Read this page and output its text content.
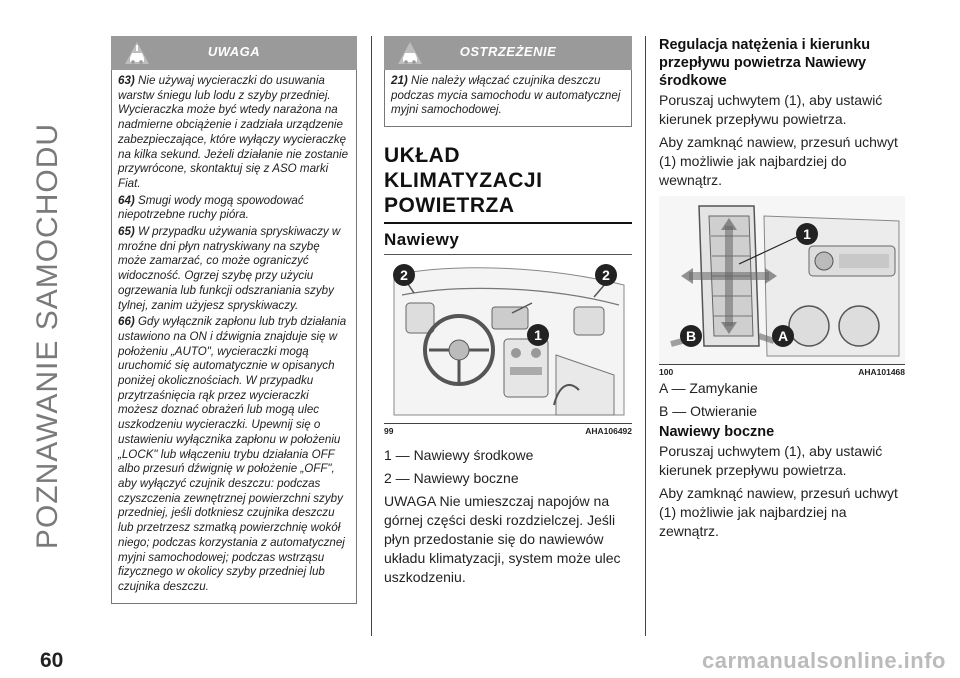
POZNAWANIE SAMOCHODU
60	carmanualsonline.info
UWAGA

63) Nie używaj wycieraczki do usuwania warstw śniegu lub lodu z szyby przedniej. Wycieraczka może być wtedy narażona na nadmierne obciążenie i zadziała urządzenie zabezpieczające, które wyłączy wycieraczkę na kilka sekund. Jeżeli działanie nie zostanie przywrócone, skontaktuj się z ASO marki Fiat.

64) Smugi wody mogą spowodować niepotrzebne ruchy pióra.

65) W przypadku używania spryskiwaczy w mroźne dni płyn natryskiwany na szybę może zamarzać, co może ograniczyć widoczność. Ogrzej szybę przy użyciu ogrzewania lub funkcji odszraniania szyby tylnej, zanim użyjesz spryskiwaczy.

66) Gdy wyłącznik zapłonu lub tryb działania ustawiono na ON i dźwignia znajduje się w położeniu „AUTO", wycieraczki mogą uruchomić się automatycznie w opisanych poniżej okolicznościach. W przypadku przytrzaśnięcia rąk przez wycieraczki możesz doznać obrażeń lub mogą ulec uszkodzeniu wycieraczki. Upewnij się o ustawieniu wyłącznika zapłonu w położeniu „LOCK" lub włączeniu trybu działania OFF albo przesuń dźwignię w położenie „OFF", aby wyłączyć czujnik deszczu: podczas czyszczenia zewnętrznej powierzchni szyby przedniej, jeśli dotkniesz czujnika deszczu lub przetrzesz szmatką powierzchnię wokół niego; podczas korzystania z automatycznej myjni samochodowej; podczas wstrząsu fizycznego w okolicy szyby przedniej lub czujnika deszczu.

OSTRZEŻENIE

21) Nie należy włączać czujnika deszczu podczas mycia samochodu w automatycznej myjni samochodowej.

UKŁAD
KLIMATYZACJI
POWIETRZA
Nawiewy
2	2
1
99	AHA106492

1 — Nawiewy środkowe

2 — Nawiewy boczne

UWAGA Nie umieszczaj napojów na górnej części deski rozdzielczej. Jeśli płyn przedostanie się do nawiewów układu klimatyzacji, system może ulec uszkodzeniu.

Regulacja natężenia i kierunku przepływu powietrza Nawiewy środkowe

Poruszaj uchwytem (1), aby ustawić kierunek przepływu powietrza.

Aby zamknąć nawiew, przesuń uchwyt (1) możliwie jak najbardziej do wewnątrz.

1
B	A
100	AHA101468

A — Zamykanie

B — Otwieranie

Nawiewy boczne

Poruszaj uchwytem (1), aby ustawić kierunek przepływu powietrza.

Aby zamknąć nawiew, przesuń uchwyt (1) możliwie jak najbardziej na zewnątrz.
